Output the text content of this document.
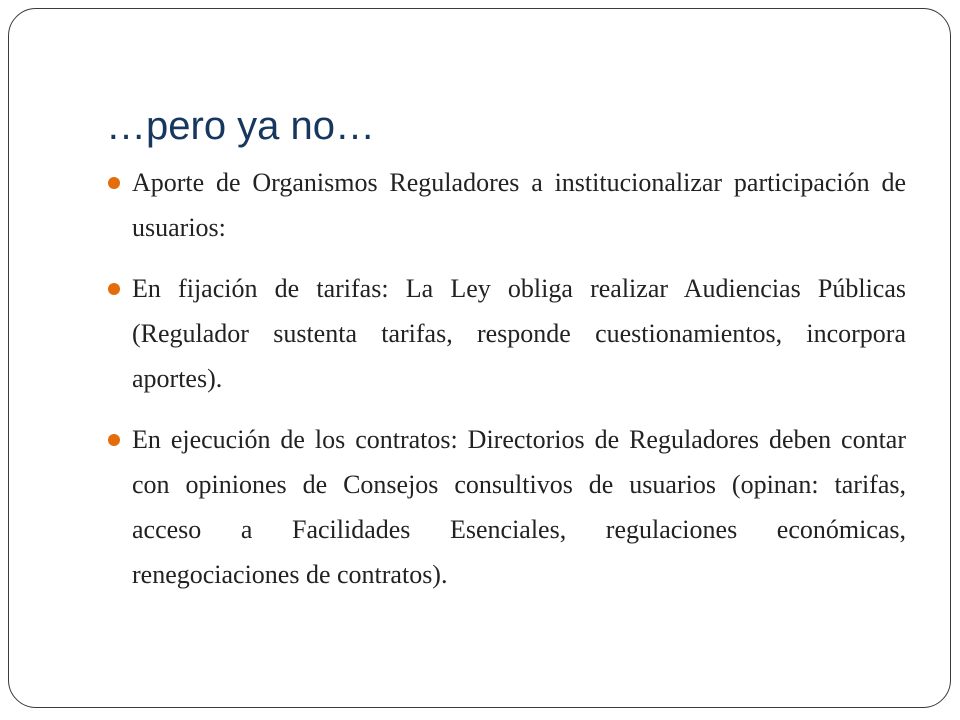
…pero ya no…
Aporte de Organismos Reguladores a institucionalizar participación de usuarios:
En fijación de tarifas: La Ley obliga realizar Audiencias Públicas (Regulador sustenta tarifas, responde cuestionamientos, incorpora aportes).
En ejecución de los contratos: Directorios de Reguladores deben contar con opiniones de Consejos consultivos de usuarios (opinan: tarifas, acceso a Facilidades Esenciales, regulaciones económicas, renegociaciones de contratos).
